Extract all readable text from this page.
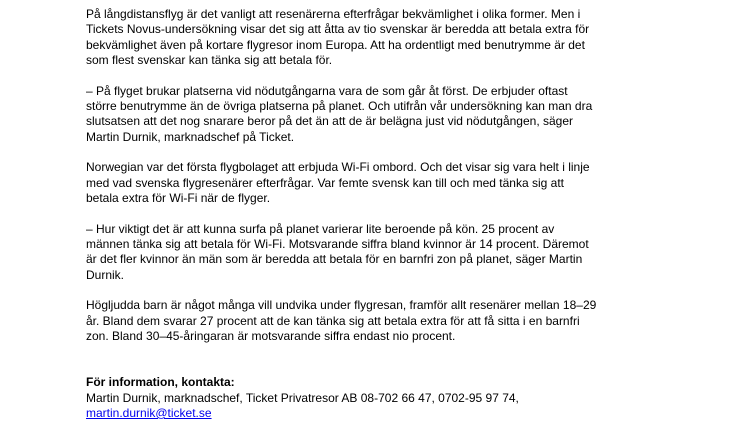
På långdistansflyg är det vanligt att resenärerna efterfrågar bekvämlighet i olika former. Men i
Tickets Novus-undersökning visar det sig att åtta av tio svenskar är beredda att betala extra för
bekvämlighet även på kortare flygresor inom Europa. Att ha ordentligt med benutrymme är det
som flest svenskar kan tänka sig att betala för.

– På flyget brukar platserna vid nödutgångarna vara de som går åt först. De erbjuder oftast
större benutrymme än de övriga platserna på planet. Och utifrån vår undersökning kan man dra
slutsatsen att det nog snarare beror på det än att de är belägna just vid nödutgången, säger
Martin Durnik, marknadschef på Ticket.

Norwegian var det första flygbolaget att erbjuda Wi-Fi ombord. Och det visar sig vara helt i linje
med vad svenska flygresenärer efterfrågar. Var femte svensk kan till och med tänka sig att
betala extra för Wi-Fi när de flyger.

– Hur viktigt det är att kunna surfa på planet varierar lite beroende på kön. 25 procent av
männen tänka sig att betala för Wi-Fi. Motsvarande siffra bland kvinnor är 14 procent. Däremot
är det fler kvinnor än män som är beredda att betala för en barnfri zon på planet, säger Martin
Durnik.

Högljudda barn är något många vill undvika under flygresan, framför allt resenärer mellan 18–29
år. Bland dem svarar 27 procent att de kan tänka sig att betala extra för att få sitta i en barnfri
zon. Bland 30–45-åringaran är motsvarande siffra endast nio procent.

För information, kontakta:
Martin Durnik, marknadschef, Ticket Privatresor AB 08-702 66 47, 0702-95 97 74,
martin.durnik@ticket.se
